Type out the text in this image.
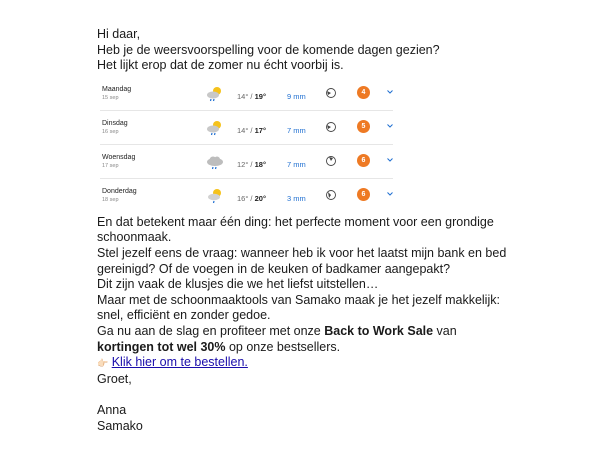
Hi daar,

Heb je de weersvoorspelling voor de komende dagen gezien?

Het lijkt erop dat de zomer nu écht voorbij is.

Maandag
15 sep	14° / 19°	9 mm	4
Dinsdag
16 sep	14° / 17°	7 mm	5
Woensdag
17 sep	12° / 18°	7 mm	6
Donderdag
18 sep	16° / 20°	3 mm	6

En dat betekent maar één ding: het perfecte moment voor een grondige schoonmaak.

Stel jezelf eens de vraag: wanneer heb ik voor het laatst mijn bank en bed gereinigd? Of de voegen in de keuken of badkamer aangepakt?

Dit zijn vaak de klusjes die we het liefst uitstellen…

Maar met de schoonmaaktools van Samako maak je het jezelf makkelijk: snel, efficiënt en zonder gedoe.

Ga nu aan de slag en profiteer met onze Back to Work Sale van kortingen tot wel 30% op onze bestsellers.

👉🏻 Klik hier om te bestellen.

Groet,

Anna

Samako
